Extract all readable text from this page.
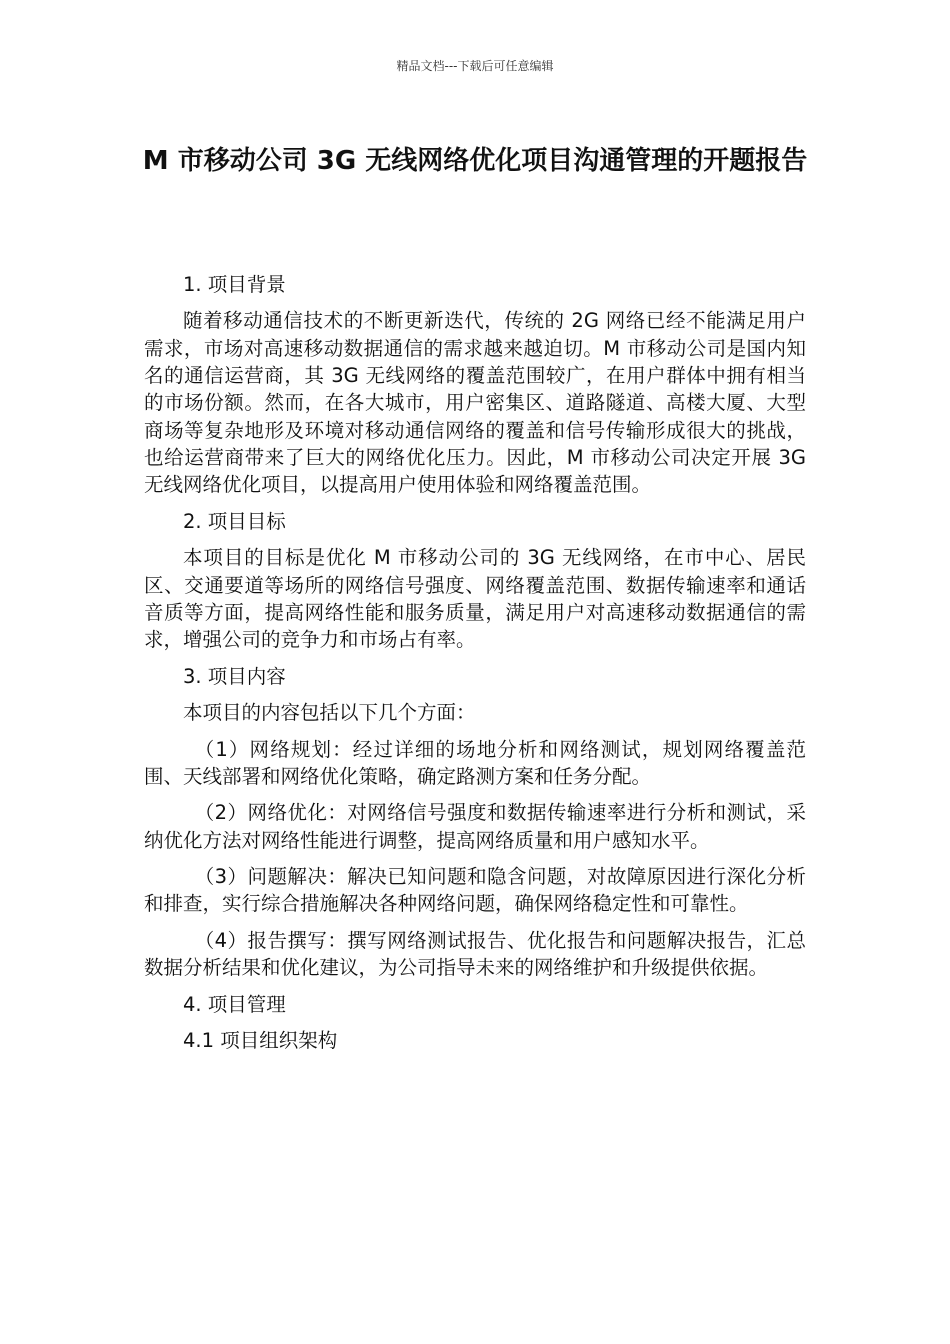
精品文档---下载后可任意编辑
M 市移动公司 3G 无线网络优化项目沟通管理的开题报告

1. 项目背景

随着移动通信技术的不断更新迭代，传统的 2G 网络已经不能满足用户需求，市场对高速移动数据通信的需求越来越迫切。M 市移动公司是国内知名的通信运营商，其 3G 无线网络的覆盖范围较广，在用户群体中拥有相当的市场份额。然而，在各大城市，用户密集区、道路隧道、高楼大厦、大型商场等复杂地形及环境对移动通信网络的覆盖和信号传输形成很大的挑战，也给运营商带来了巨大的网络优化压力。因此，M 市移动公司决定开展 3G 无线网络优化项目，以提高用户使用体验和网络覆盖范围。

2. 项目目标

本项目的目标是优化 M 市移动公司的 3G 无线网络，在市中心、居民区、交通要道等场所的网络信号强度、网络覆盖范围、数据传输速率和通话音质等方面，提高网络性能和服务质量，满足用户对高速移动数据通信的需求，增强公司的竞争力和市场占有率。

3. 项目内容

本项目的内容包括以下几个方面：

（1）网络规划：经过详细的场地分析和网络测试，规划网络覆盖范围、天线部署和网络优化策略，确定路测方案和任务分配。

（2）网络优化：对网络信号强度和数据传输速率进行分析和测试，采纳优化方法对网络性能进行调整，提高网络质量和用户感知水平。

（3）问题解决：解决已知问题和隐含问题，对故障原因进行深化分析和排查，实行综合措施解决各种网络问题，确保网络稳定性和可靠性。

（4）报告撰写：撰写网络测试报告、优化报告和问题解决报告，汇总数据分析结果和优化建议，为公司指导未来的网络维护和升级提供依据。

4. 项目管理

4.1 项目组织架构
